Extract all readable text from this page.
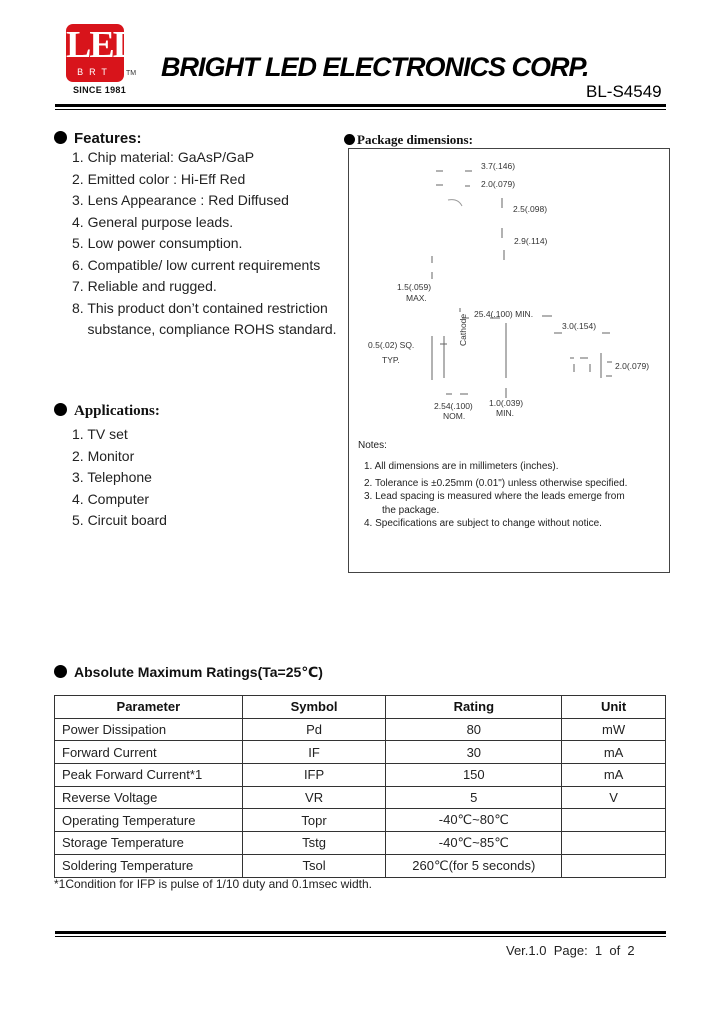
LED
BRT	TM
SINCE 1981
BRIGHT LED ELECTRONICS CORP.
BL-S4549
Features:
1. Chip material: GaAsP/GaP
2. Emitted color : Hi-Eff Red
3. Lens Appearance : Red Diffused
4. General purpose leads.
5. Low power consumption.
6. Compatible/ low current requirements
7. Reliable and rugged.
8. This product don’t contained restriction
substance, compliance ROHS standard.
Applications:
1. TV set
2. Monitor
3. Telephone
4. Computer
5. Circuit board
Package dimensions:
3.7(.146)
2.0(.079)
2.5(.098)
2.9(.114)
1.5(.059)
MAX.
25.4(.100) MIN.
3.0(.154)
0.5(.02) SQ.
TYP.
Cathode
2.0(.079)
2.54(.100)
NOM.
1.0(.039)
MIN.
Notes:
1. All dimensions are in millimeters (inches).
2. Tolerance is ±0.25mm (0.01") unless otherwise specified.
3. Lead spacing is measured where the leads emerge from
the package.
4. Specifications are subject to change without notice.
Absolute Maximum Ratings(Ta=25℃)
Parameter	Symbol	Rating	Unit
Power Dissipation	Pd	80	mW
Forward Current	IF	30	mA
Peak Forward Current*1	IFP	150	mA
Reverse Voltage	VR	5	V
Operating Temperature	Topr	-40℃~80℃	
Storage Temperature	Tstg	-40℃~85℃	
Soldering Temperature	Tsol	260℃(for 5 seconds)	
*1Condition for IFP is pulse of 1/10 duty and 0.1msec width.
Ver.1.0  Page:  1  of  2
